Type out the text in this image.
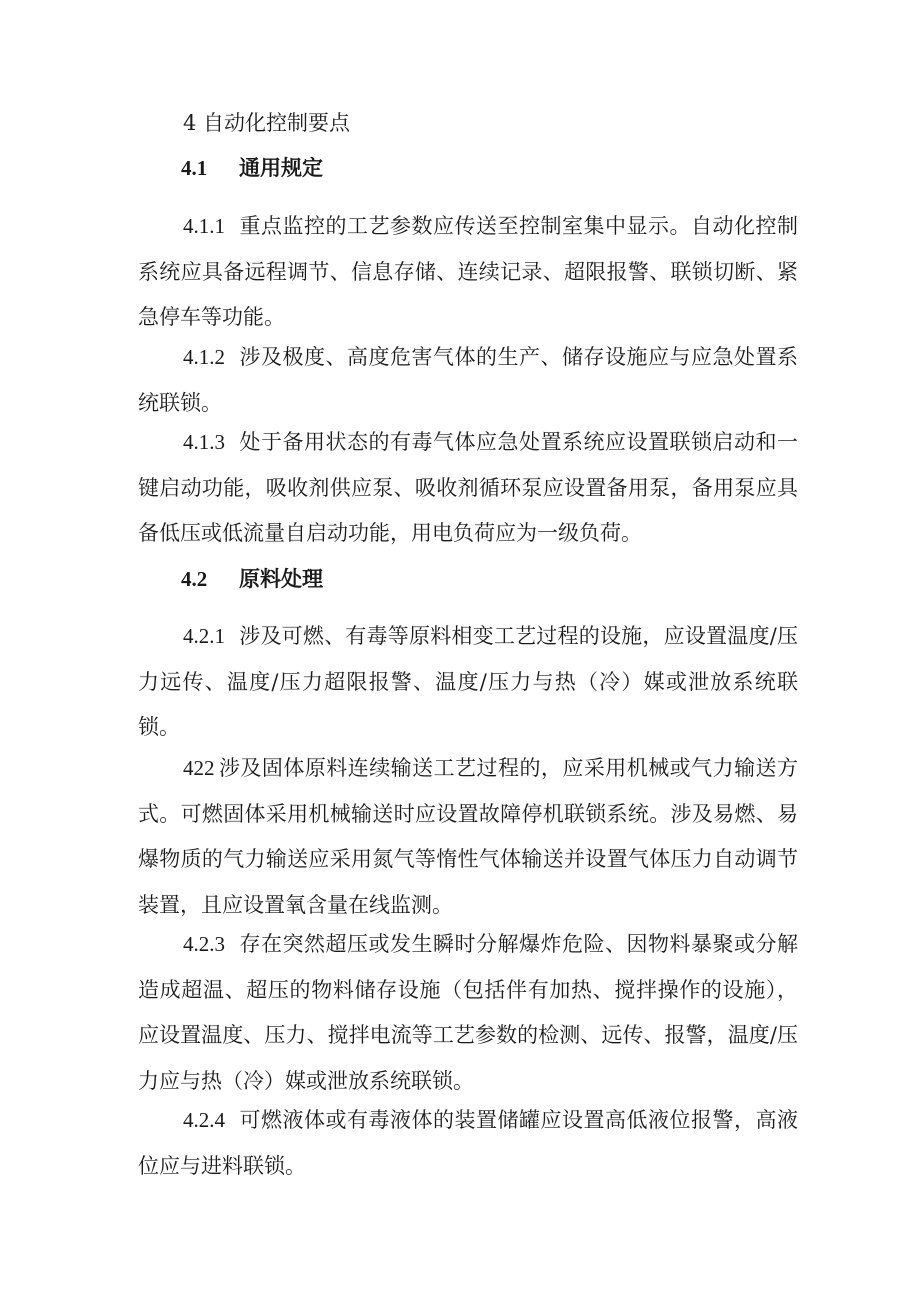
4 自动化控制要点
4.1 通用规定

4.1.1 重点监控的工艺参数应传送至控制室集中显示。自动化控制系统应具备远程调节、信息存储、连续记录、超限报警、联锁切断、紧急停车等功能。

4.1.2 涉及极度、高度危害气体的生产、储存设施应与应急处置系统联锁。

4.1.3 处于备用状态的有毒气体应急处置系统应设置联锁启动和一键启动功能，吸收剂供应泵、吸收剂循环泵应设置备用泵，备用泵应具备低压或低流量自启动功能，用电负荷应为一级负荷。

4.2 原料处理

4.2.1 涉及可燃、有毒等原料相变工艺过程的设施，应设置温度/压力远传、温度/压力超限报警、温度/压力与热（冷）媒或泄放系统联锁。

422 涉及固体原料连续输送工艺过程的，应采用机械或气力输送方式。可燃固体采用机械输送时应设置故障停机联锁系统。涉及易燃、易爆物质的气力输送应采用氮气等惰性气体输送并设置气体压力自动调节装置，且应设置氧含量在线监测。

4.2.3 存在突然超压或发生瞬时分解爆炸危险、因物料暴聚或分解造成超温、超压的物料储存设施（包括伴有加热、搅拌操作的设施），应设置温度、压力、搅拌电流等工艺参数的检测、远传、报警，温度/压力应与热（冷）媒或泄放系统联锁。

4.2.4 可燃液体或有毒液体的装置储罐应设置高低液位报警，高液位应与进料联锁。
